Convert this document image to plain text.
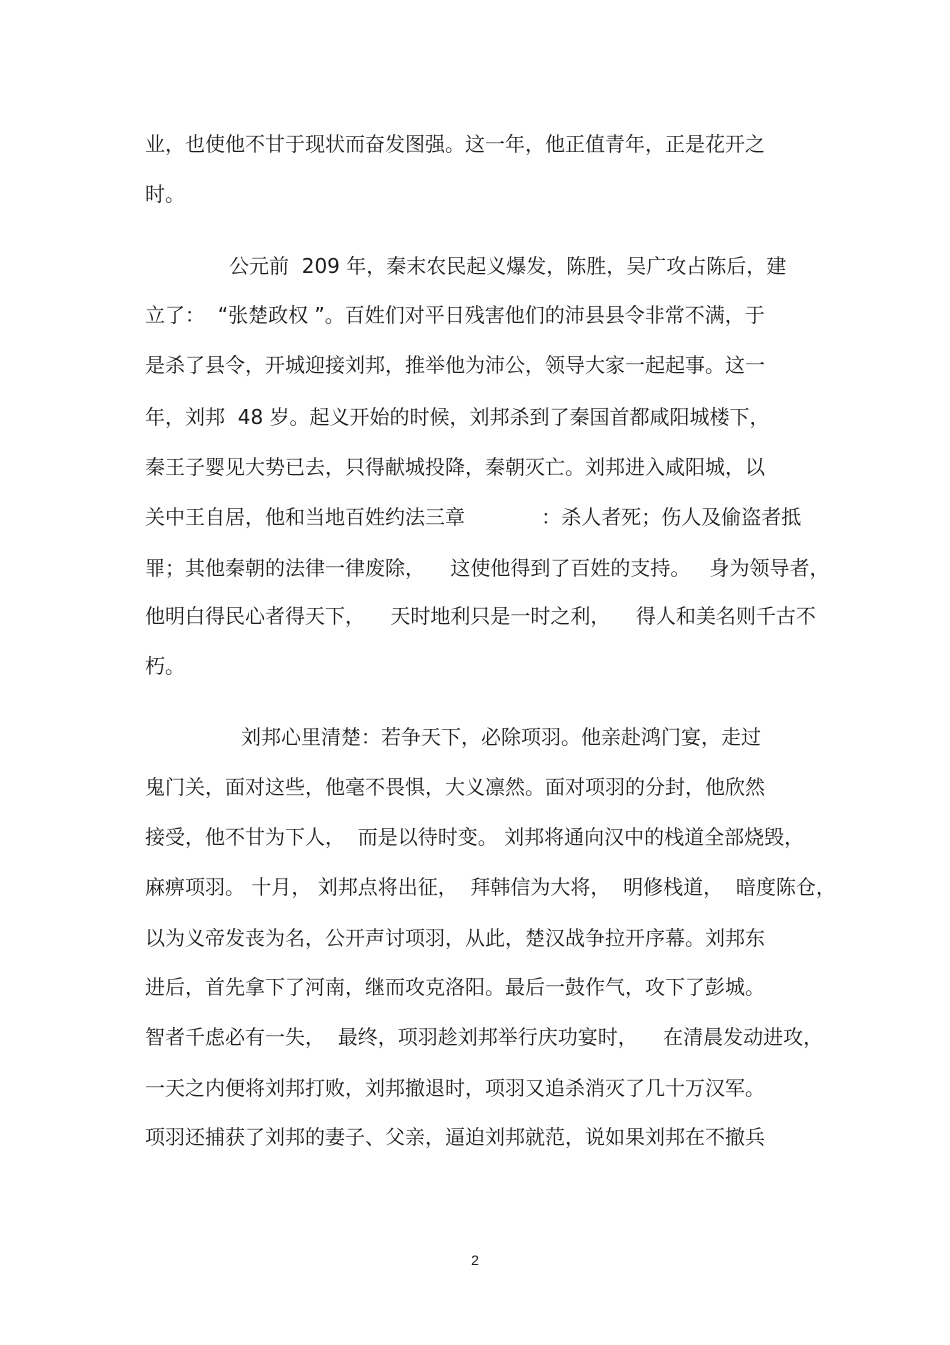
业，也使他不甘于现状而奋发图强。这一年，他正值青年，正是花开之
时。
公元前  209 年，秦末农民起义爆发，陈胜，吴广攻占陈后，建
立了：  “张楚政权 ”。百姓们对平日残害他们的沛县县令非常不满，于
是杀了县令，开城迎接刘邦，推举他为沛公，领导大家一起起事。这一
年，刘邦  48 岁。起义开始的时候，刘邦杀到了秦国首都咸阳城楼下，
秦王子婴见大势已去，只得献城投降，秦朝灭亡。刘邦进入咸阳城，以
关中王自居，他和当地百姓约法三章            ：杀人者死；伤人及偷盗者抵
罪；其他秦朝的法律一律废除，    这使他得到了百姓的支持。   身为领导者，
他明白得民心者得天下，    天时地利只是一时之利，    得人和美名则千古不
朽。
刘邦心里清楚：若争天下，必除项羽。他亲赴鸿门宴，走过
鬼门关，面对这些，他毫不畏惧，大义凛然。面对项羽的分封，他欣然
接受，他不甘为下人，  而是以待时变。 刘邦将通向汉中的栈道全部烧毁，
麻痹项羽。 十月， 刘邦点将出征，  拜韩信为大将，  明修栈道，  暗度陈仓，
以为义帝发丧为名，公开声讨项羽，从此，楚汉战争拉开序幕。刘邦东
进后，首先拿下了河南，继而攻克洛阳。最后一鼓作气，攻下了彭城。
智者千虑必有一失，  最终，项羽趁刘邦举行庆功宴时，    在清晨发动进攻，
一天之内便将刘邦打败，刘邦撤退时，项羽又追杀消灭了几十万汉军。
项羽还捕获了刘邦的妻子、父亲，逼迫刘邦就范，说如果刘邦在不撤兵
2
